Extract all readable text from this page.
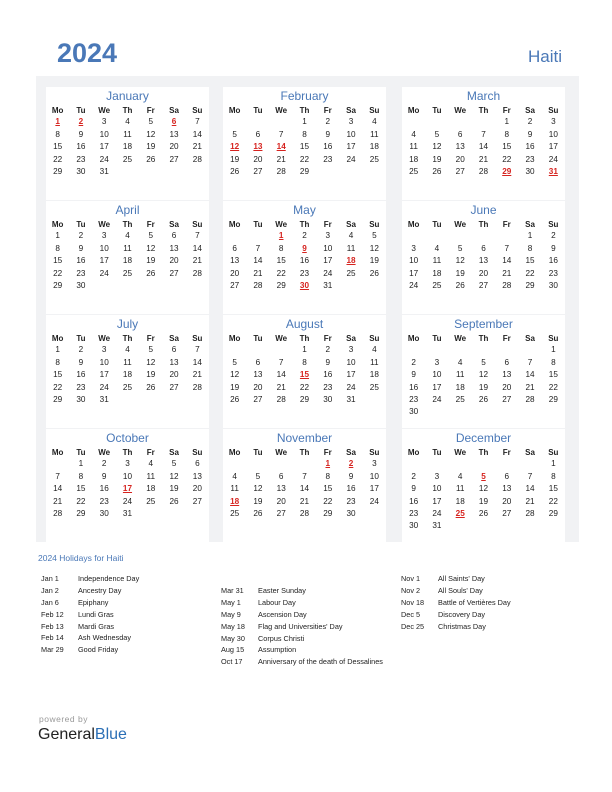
2024	Haiti
January
Mo	Tu	We	Th	Fr	Sa	Su
1	2	3	4	5	6	7
8	9	10	11	12	13	14
15	16	17	18	19	20	21
22	23	24	25	26	27	28
29	30	31				
February
Mo	Tu	We	Th	Fr	Sa	Su
			1	2	3	4
5	6	7	8	9	10	11
12	13	14	15	16	17	18
19	20	21	22	23	24	25
26	27	28	29			
March
Mo	Tu	We	Th	Fr	Sa	Su
				1	2	3
4	5	6	7	8	9	10
11	12	13	14	15	16	17
18	19	20	21	22	23	24
25	26	27	28	29	30	31
April
Mo	Tu	We	Th	Fr	Sa	Su
1	2	3	4	5	6	7
8	9	10	11	12	13	14
15	16	17	18	19	20	21
22	23	24	25	26	27	28
29	30					
May
Mo	Tu	We	Th	Fr	Sa	Su
		1	2	3	4	5
6	7	8	9	10	11	12
13	14	15	16	17	18	19
20	21	22	23	24	25	26
27	28	29	30	31		
June
Mo	Tu	We	Th	Fr	Sa	Su
					1	2
3	4	5	6	7	8	9
10	11	12	13	14	15	16
17	18	19	20	21	22	23
24	25	26	27	28	29	30
July
Mo	Tu	We	Th	Fr	Sa	Su
1	2	3	4	5	6	7
8	9	10	11	12	13	14
15	16	17	18	19	20	21
22	23	24	25	26	27	28
29	30	31				
August
Mo	Tu	We	Th	Fr	Sa	Su
			1	2	3	4
5	6	7	8	9	10	11
12	13	14	15	16	17	18
19	20	21	22	23	24	25
26	27	28	29	30	31	
September
Mo	Tu	We	Th	Fr	Sa	Su
						1
2	3	4	5	6	7	8
9	10	11	12	13	14	15
16	17	18	19	20	21	22
23	24	25	26	27	28	29
30						
October
Mo	Tu	We	Th	Fr	Sa	Su
	1	2	3	4	5	6
7	8	9	10	11	12	13
14	15	16	17	18	19	20
21	22	23	24	25	26	27
28	29	30	31			
November
Mo	Tu	We	Th	Fr	Sa	Su
				1	2	3
4	5	6	7	8	9	10
11	12	13	14	15	16	17
18	19	20	21	22	23	24
25	26	27	28	29	30	
December
Mo	Tu	We	Th	Fr	Sa	Su
						1
2	3	4	5	6	7	8
9	10	11	12	13	14	15
16	17	18	19	20	21	22
23	24	25	26	27	28	29
30	31					
2024 Holidays for Haiti
Jan 1	Independence Day
Jan 2	Ancestry Day
Jan 6	Epiphany
Feb 12 Lundi Gras
Feb 13 Mardi Gras
Feb 14 Ash Wednesday
Mar 29 Good Friday
Mar 31 Easter Sunday
May 1 Labour Day
May 9 Ascension Day
May 18 Flag and Universities' Day
May 30 Corpus Christi
Aug 15 Assumption
Oct 17 Anniversary of the death of Dessalines
Nov 1 All Saints' Day
Nov 2 All Souls' Day
Nov 18 Battle of Vertières Day
Dec 5 Discovery Day
Dec 25 Christmas Day
powered by
GeneralBlue
